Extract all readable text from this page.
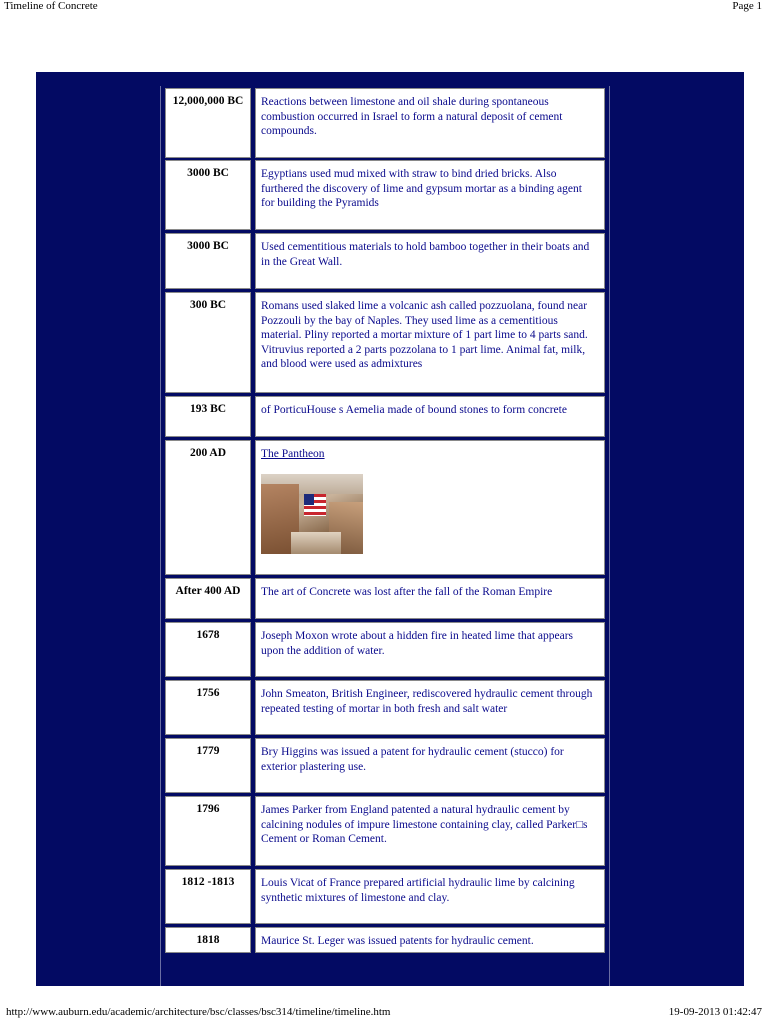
Timeline of Concrete	Page 1
12,000,000 BC	Reactions between limestone and oil shale during spontaneous combustion occurred in Israel to form a natural deposit of cement compounds.
3000 BC	Egyptians used mud mixed with straw to bind dried bricks. Also furthered the discovery of lime and gypsum mortar as a binding agent for building the Pyramids
3000 BC	Used cementitious materials to hold bamboo together in their boats and in the Great Wall.
300 BC	Romans used slaked lime a volcanic ash called pozzuolana, found near Pozzouli by the bay of Naples. They used lime as a cementitious material. Pliny reported a mortar mixture of 1 part lime to 4 parts sand. Vitruvius reported a 2 parts pozzolana to 1 part lime. Animal fat, milk, and blood were used as admixtures
193 BC	of PorticuHouse s Aemelia made of bound stones to form concrete
200 AD	The Pantheon
After 400 AD	The art of Concrete was lost after the fall of the Roman Empire
1678	Joseph Moxon wrote about a hidden fire in heated lime that appears upon the addition of water.
1756	John Smeaton, British Engineer, rediscovered hydraulic cement through repeated testing of mortar in both fresh and salt water
1779	Bry Higgins was issued a patent for hydraulic cement (stucco) for exterior plastering use.
1796	James Parker from England patented a natural hydraulic cement by calcining nodules of impure limestone containing clay, called Parker□s Cement or Roman Cement.
1812 -1813	Louis Vicat of France prepared artificial hydraulic lime by calcining synthetic mixtures of limestone and clay.
1818	Maurice St. Leger was issued patents for hydraulic cement.
http://www.auburn.edu/academic/architecture/bsc/classes/bsc314/timeline/timeline.htm	19-09-2013 01:42:47
